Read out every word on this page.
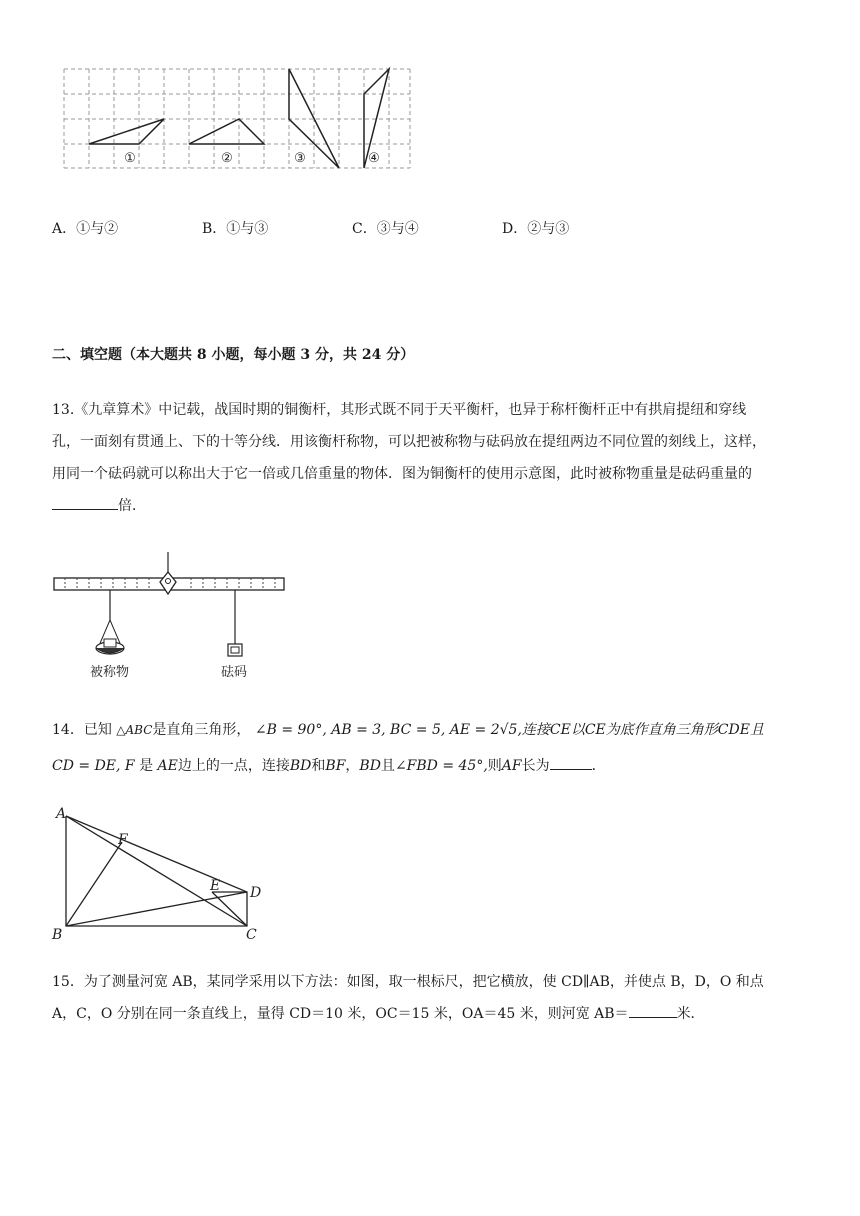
①	②	③	④
A．①与②	B．①与③	C．③与④	D．②与③
二、填空题（本大题共 8 小题，每小题 3 分，共 24 分）
13.《九章算术》中记载，战国时期的铜衡杆，其形式既不同于天平衡杆，也异于称杆衡杆正中有拱肩提纽和穿线
孔，一面刻有贯通上、下的十等分线．用该衡杆称物，可以把被称物与砝码放在提纽两边不同位置的刻线上，这样，
用同一个砝码就可以称出大于它一倍或几倍重量的物体．图为铜衡杆的使用示意图，此时被称物重量是砝码重量的
倍．
被称物	砝码
14．已知 △ABC是直角三角形， ∠B = 90°, AB = 3, BC = 5, AE = 2√5,连接CE以CE为底作直角三角形CDE且
CD = DE, F 是 AE边上的一点，连接BD和BF，BD且∠FBD = 45°,则AF长为	．
A
F
E D
B	C
15．为了测量河宽 AB，某同学采用以下方法：如图，取一根标尺，把它横放，使 CD∥AB，并使点 B，D，O 和点
A，C，O 分别在同一条直线上，量得 CD＝10 米，OC＝15 米，OA＝45 米，则河宽 AB＝	米．
